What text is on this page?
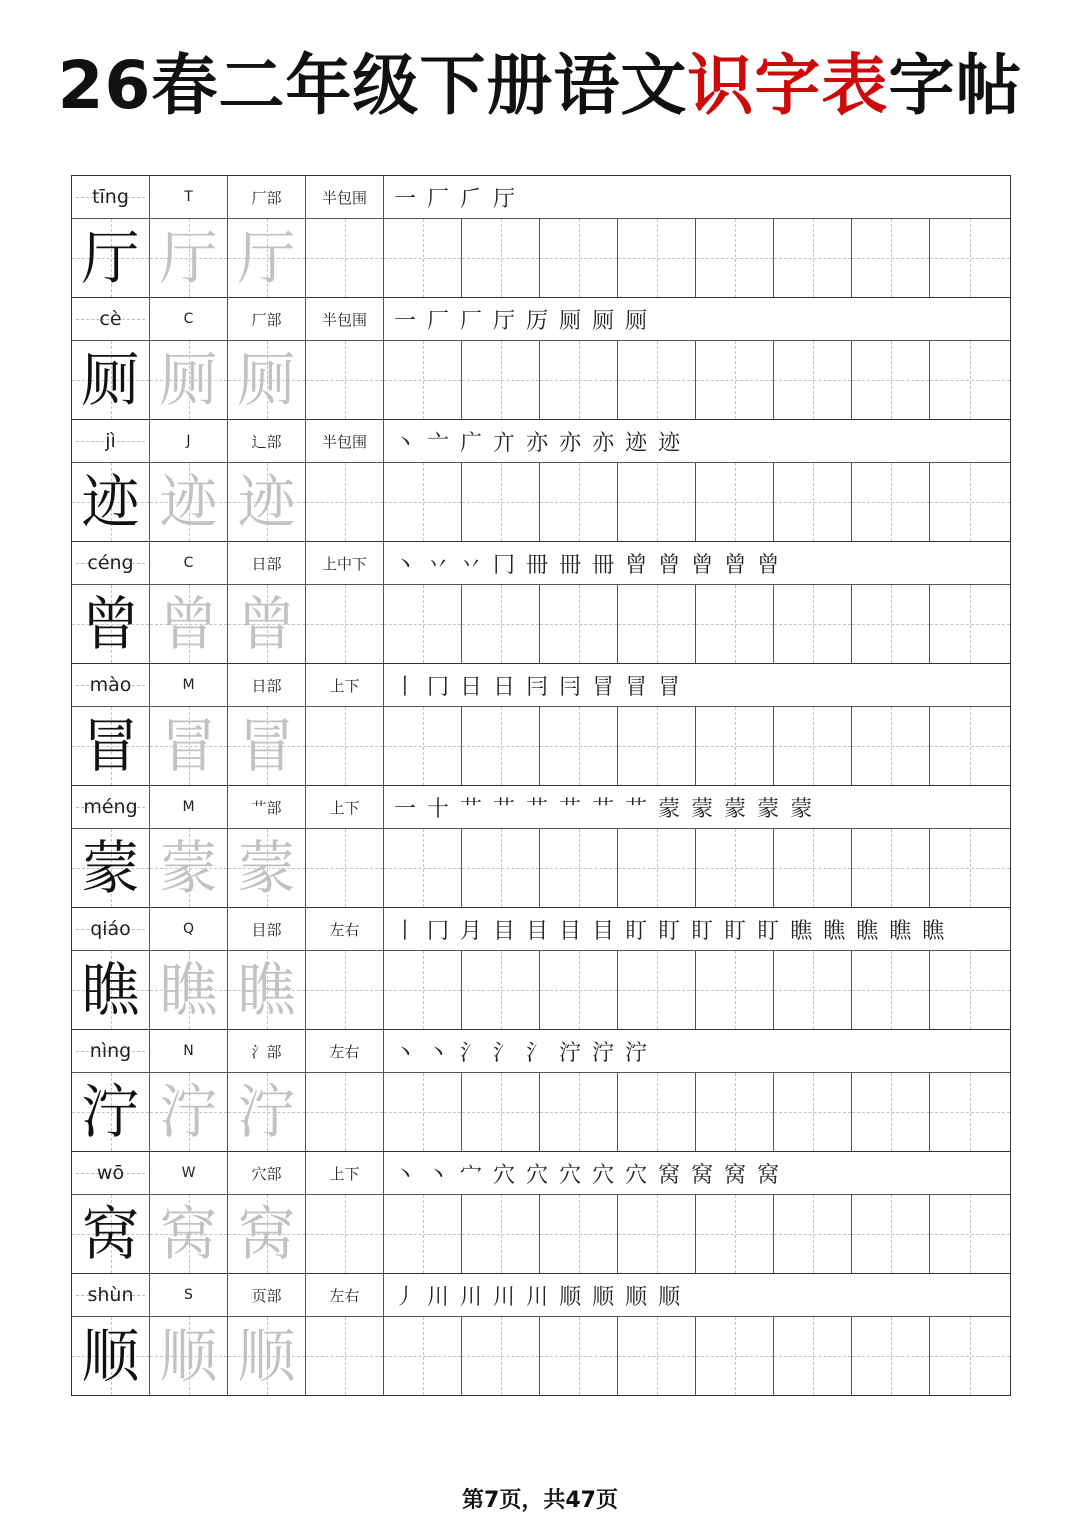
26春二年级下册语文识字表字帖
tīng	T	厂部	半包围	一 厂 𠂆 厅
厅 厅 厅
cè	C	厂部	半包围	一 厂 厂 厅 厉 厕 厕 厕
厕 厕 厕
jì	J	辶部	半包围	丶 亠 广 亣 亦 亦 亦 迹 迹
迹 迹 迹
céng	C	日部	上中下	丶 丷 丷 冂 冊 冊 冊 曾 曾 曾 曾 曾
曾 曾 曾
mào	M	日部	上下	丨 冂 日 日 冃 冃 冒 冒 冒
冒 冒 冒
méng	M	艹部	上下	一 十 艹 艹 艹 艹 艹 艹 蒙 蒙 蒙 蒙 蒙
蒙 蒙 蒙
qiáo	Q	目部	左右	丨 冂 月 目 目 目 目 盯 盯 盯 盯 盯 瞧 瞧 瞧 瞧 瞧
瞧 瞧 瞧
nìng	N	氵部	左右	丶 丶 氵 氵 氵 泞 泞 泞
泞 泞 泞
wō	W	穴部	上下	丶 丶 宀 穴 穴 穴 穴 穴 窝 窝 窝 窝
窝 窝 窝
shùn	S	页部	左右	丿 川 川 川 川 顺 顺 顺 顺
顺 顺 顺
第7页，共47页
